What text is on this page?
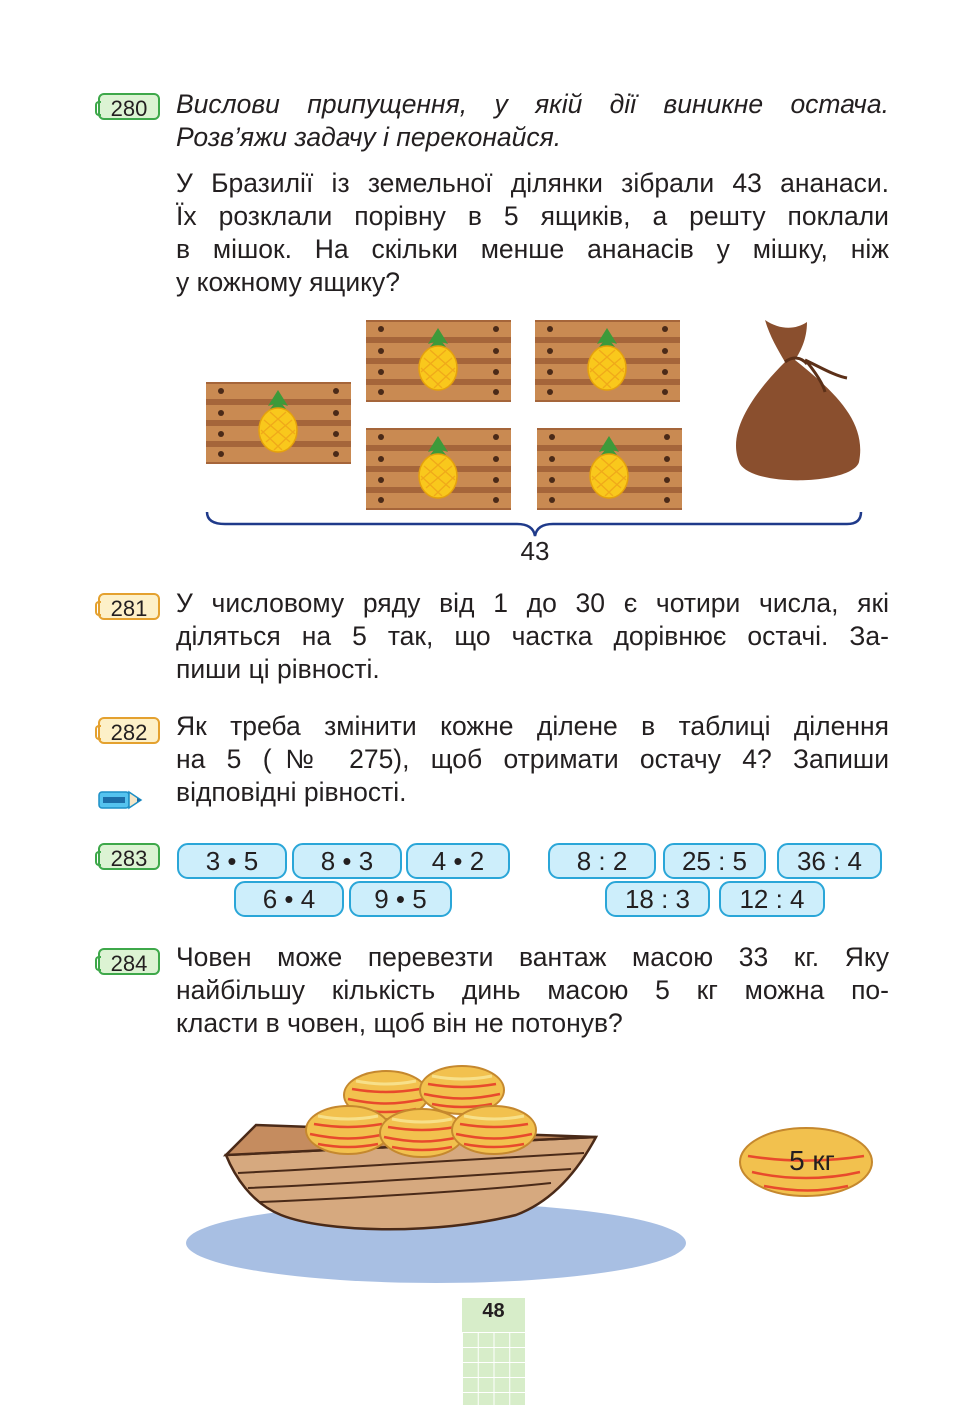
280	Вислови припущення, у якій дії виникне остача.
Розв’яжи задачу і переконайся.
У Бразилії із земельної ділянки зібрали 43 ананаси.
Їх розклали порівну в 5 ящиків, а решту поклали
в мішок. На скільки менше ананасів у мішку, ніж
у кожному ящику?
43
281	У числовому ряду від 1 до 30 є чотири числа, які
діляться на 5 так, що частка дорівнює остачі. За-
пиши ці рівності.
282	Як треба змінити кожне ділене в таблиці ділення
на 5 (№ 275), щоб отримати остачу 4? Запиши
відповідні рівності.
283	3 • 5	8 • 3	4 • 2
6 • 4	9 • 5
8 : 2	25 : 5	36 : 4
18 : 3	12 : 4
284	Човен може перевезти вантаж масою 33 кг. Яку
найбільшу кількість динь масою 5 кг можна по-
класти в човен, щоб він не потонув?
5 кг
48
